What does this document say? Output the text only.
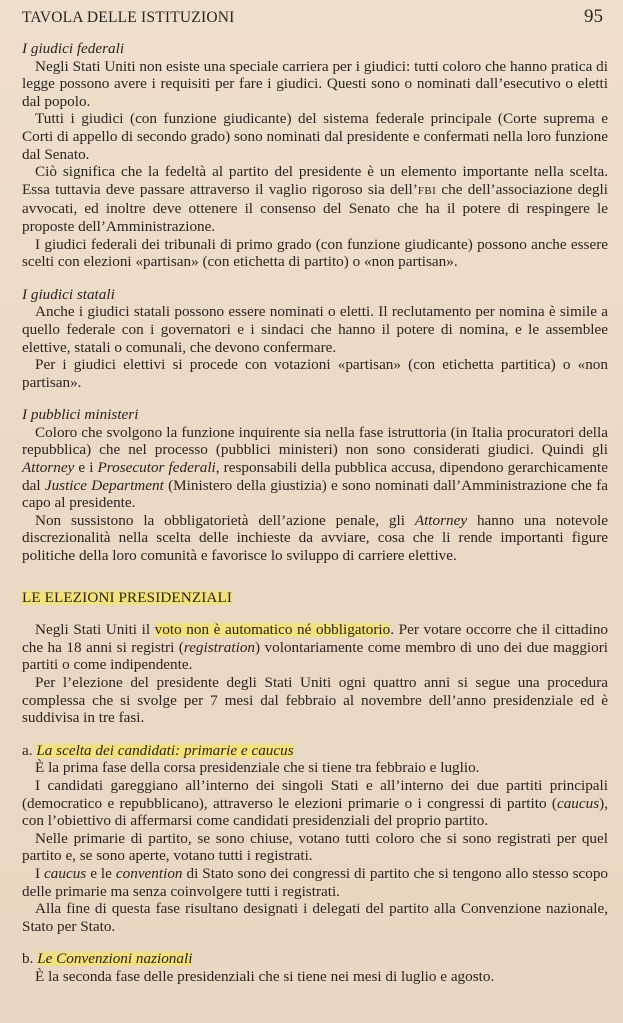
TAVOLA DELLE ISTITUZIONI	95

I giudici federali

Negli Stati Uniti non esiste una speciale carriera per i giudici: tutti coloro che hanno pratica di legge possono avere i requisiti per fare i giudici. Questi sono o nominati dall’esecutivo o eletti dal popolo.

Tutti i giudici (con funzione giudicante) del sistema federale principale (Corte suprema e Corti di appello di secondo grado) sono nominati dal presidente e confermati nella loro funzione dal Senato.

Ciò significa che la fedeltà al partito del presidente è un elemento importante nella scelta. Essa tuttavia deve passare attraverso il vaglio rigoroso sia dell’FBI che dell’associazione degli avvocati, ed inoltre deve ottenere il consenso del Senato che ha il potere di respingere le proposte dell’Amministrazione.

I giudici federali dei tribunali di primo grado (con funzione giudicante) possono anche essere scelti con elezioni «partisan» (con etichetta di partito) o «non partisan».

I giudici statali

Anche i giudici statali possono essere nominati o eletti. Il reclutamento per nomina è simile a quello federale con i governatori e i sindaci che hanno il potere di nomina, e le assemblee elettive, statali o comunali, che devono confermare.

Per i giudici elettivi si procede con votazioni «partisan» (con etichetta partitica) o «non partisan».

I pubblici ministeri

Coloro che svolgono la funzione inquirente sia nella fase istruttoria (in Italia procuratori della repubblica) che nel processo (pubblici ministeri) non sono considerati giudici. Quindi gli Attorney e i Prosecutor federali, responsabili della pubblica accusa, dipendono gerarchicamente dal Justice Department (Ministero della giustizia) e sono nominati dall’Amministrazione che fa capo al presidente.

Non sussistono la obbligatorietà dell’azione penale, gli Attorney hanno una notevole discrezionalità nella scelta delle inchieste da avviare, cosa che li rende importanti figure politiche della loro comunità e favorisce lo sviluppo di carriere elettive.

LE ELEZIONI PRESIDENZIALI

Negli Stati Uniti il voto non è automatico né obbligatorio. Per votare occorre che il cittadino che ha 18 anni si registri (registration) volontariamente come membro di uno dei due maggiori partiti o come indipendente.

Per l’elezione del presidente degli Stati Uniti ogni quattro anni si segue una procedura complessa che si svolge per 7 mesi dal febbraio al novembre dell’anno presidenziale ed è suddivisa in tre fasi.

a. La scelta dei candidati: primarie e caucus

È la prima fase della corsa presidenziale che si tiene tra febbraio e luglio.

I candidati gareggiano all’interno dei singoli Stati e all’interno dei due partiti principali (democratico e repubblicano), attraverso le elezioni primarie o i congressi di partito (caucus), con l’obiettivo di affermarsi come candidati presidenziali del proprio partito.

Nelle primarie di partito, se sono chiuse, votano tutti coloro che si sono registrati per quel partito e, se sono aperte, votano tutti i registrati.

I caucus e le convention di Stato sono dei congressi di partito che si tengono allo stesso scopo delle primarie ma senza coinvolgere tutti i registrati.

Alla fine di questa fase risultano designati i delegati del partito alla Convenzione nazionale, Stato per Stato.

b. Le Convenzioni nazionali

È la seconda fase delle presidenziali che si tiene nei mesi di luglio e agosto.
